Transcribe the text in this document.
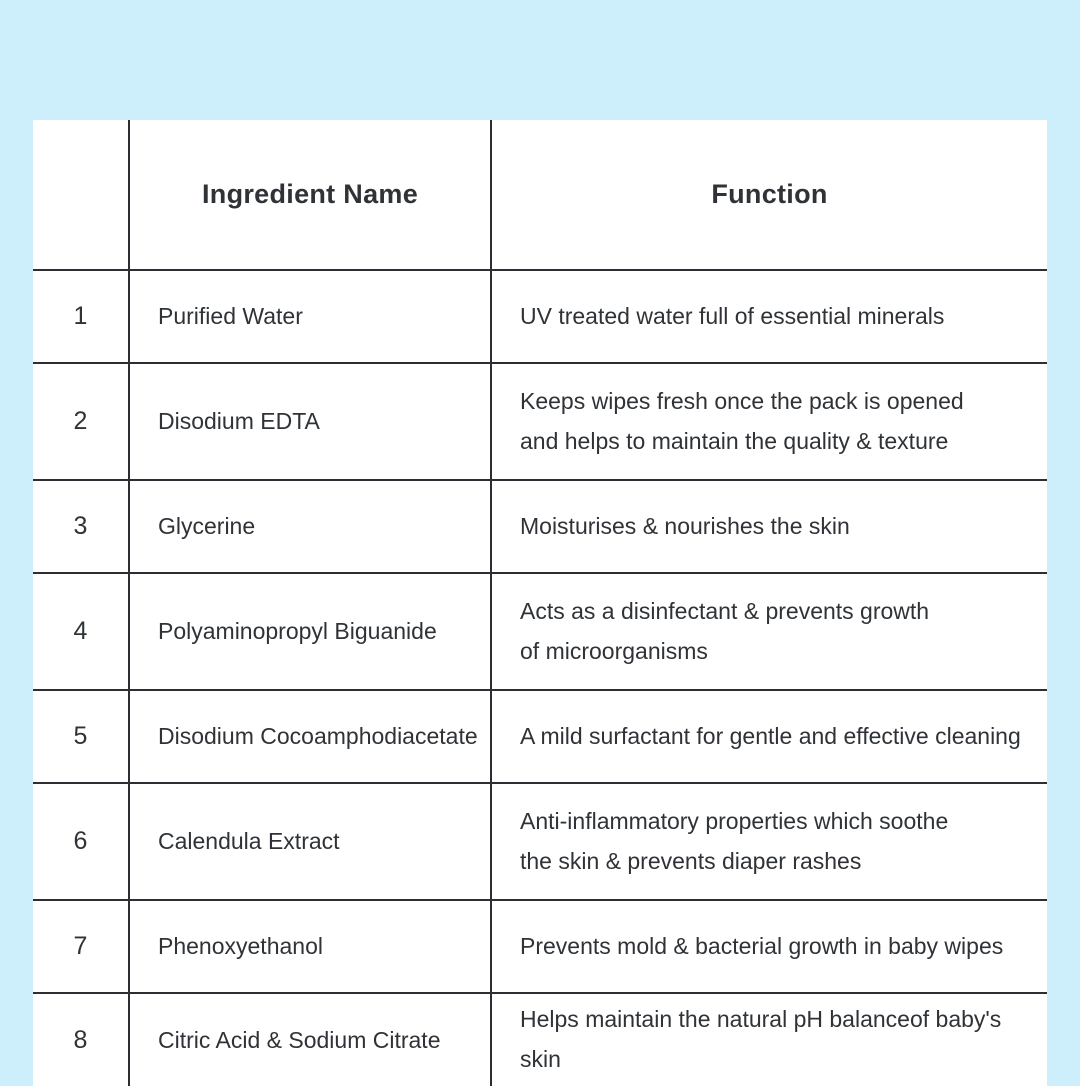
	Ingredient Name	Function
1	Purified Water	UV treated water full of essential minerals

2	Disodium EDTA	Keeps wipes fresh once the pack is opened
and helps to maintain the quality & texture

3	Glycerine	Moisturises & nourishes the skin

4	Polyaminopropyl Biguanide	Acts as a disinfectant & prevents growth
of microorganisms

5	Disodium Cocoamphodiacetate	A mild surfactant for gentle and effective cleaning

6	Calendula Extract	Anti-inflammatory properties which soothe
the skin & prevents diaper rashes

7	Phenoxyethanol	Prevents mold & bacterial growth in baby wipes

8	Citric Acid & Sodium Citrate	Helps maintain the natural pH balanceof baby's skin
